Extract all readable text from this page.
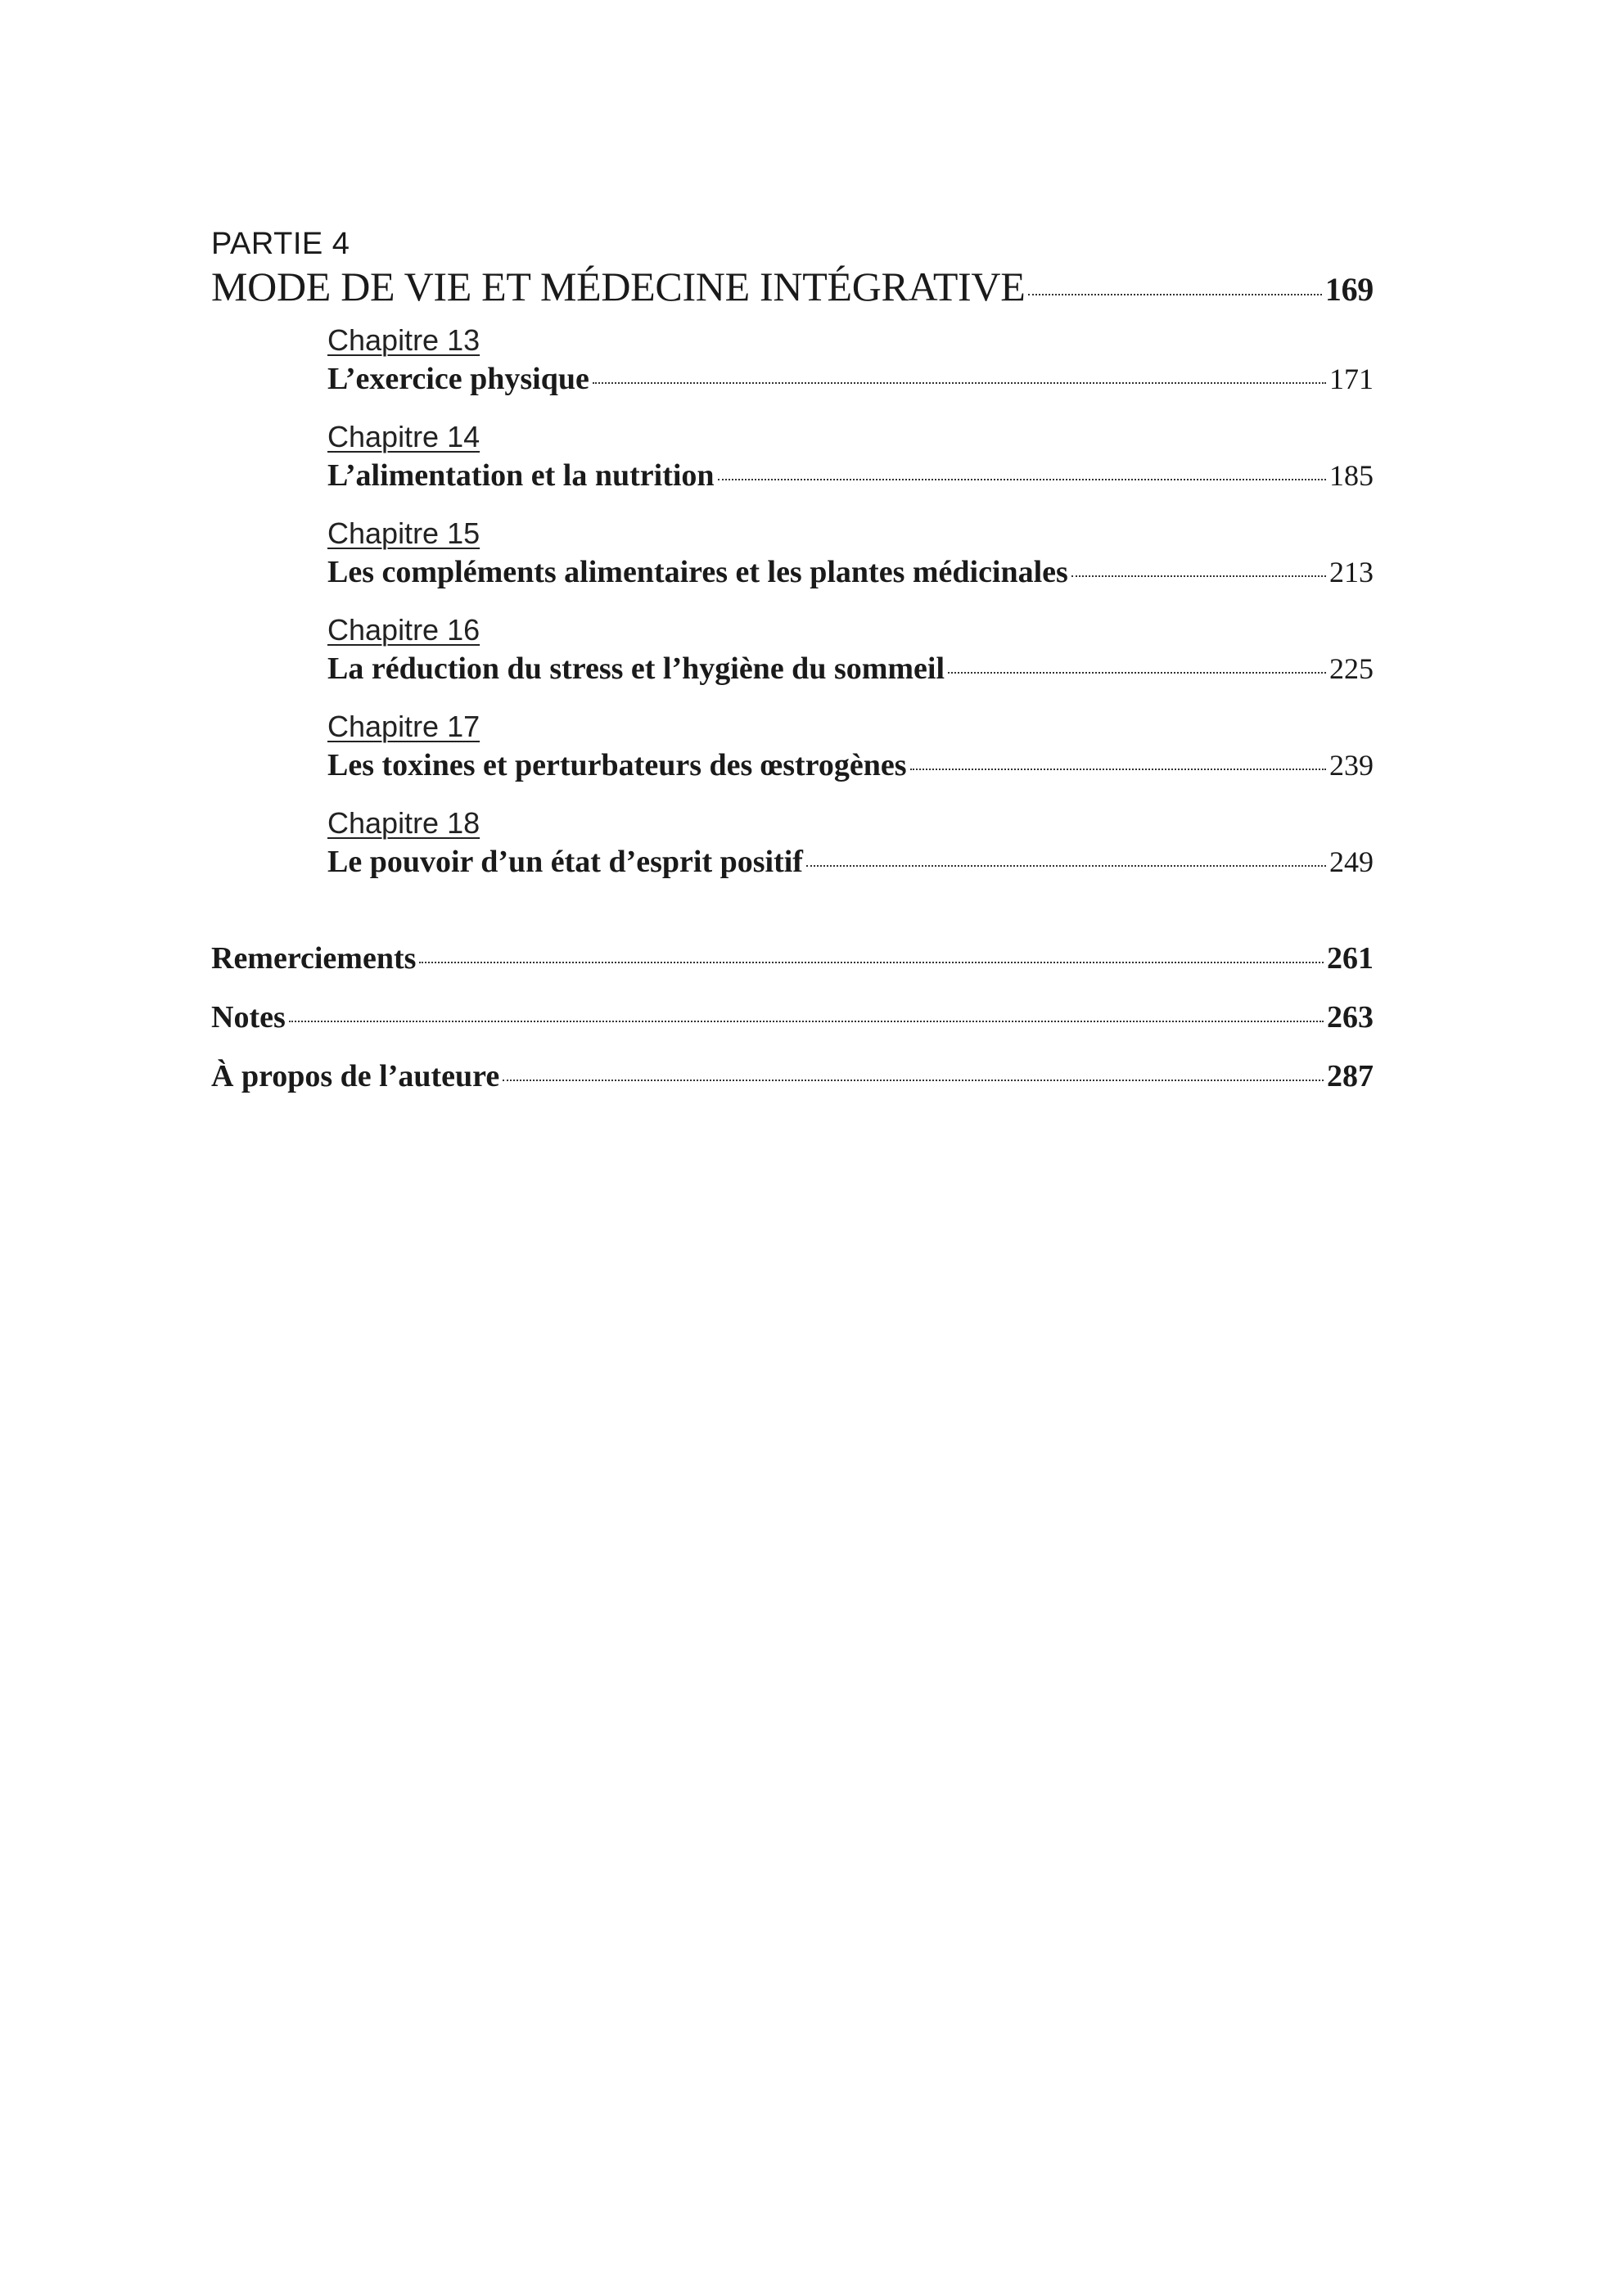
PARTIE 4
MODE DE VIE ET MÉDECINE INTÉGRATIVE	169
Chapitre 13
L’exercice physique	171
Chapitre 14
L’alimentation et la nutrition	185
Chapitre 15
Les compléments alimentaires et les plantes médicinales	213
Chapitre 16
La réduction du stress et l’hygiène du sommeil	225
Chapitre 17
Les toxines et perturbateurs des œstrogènes	239
Chapitre 18
Le pouvoir d’un état d’esprit positif	249
Remerciements	261
Notes	263
À propos de l’auteure	287
